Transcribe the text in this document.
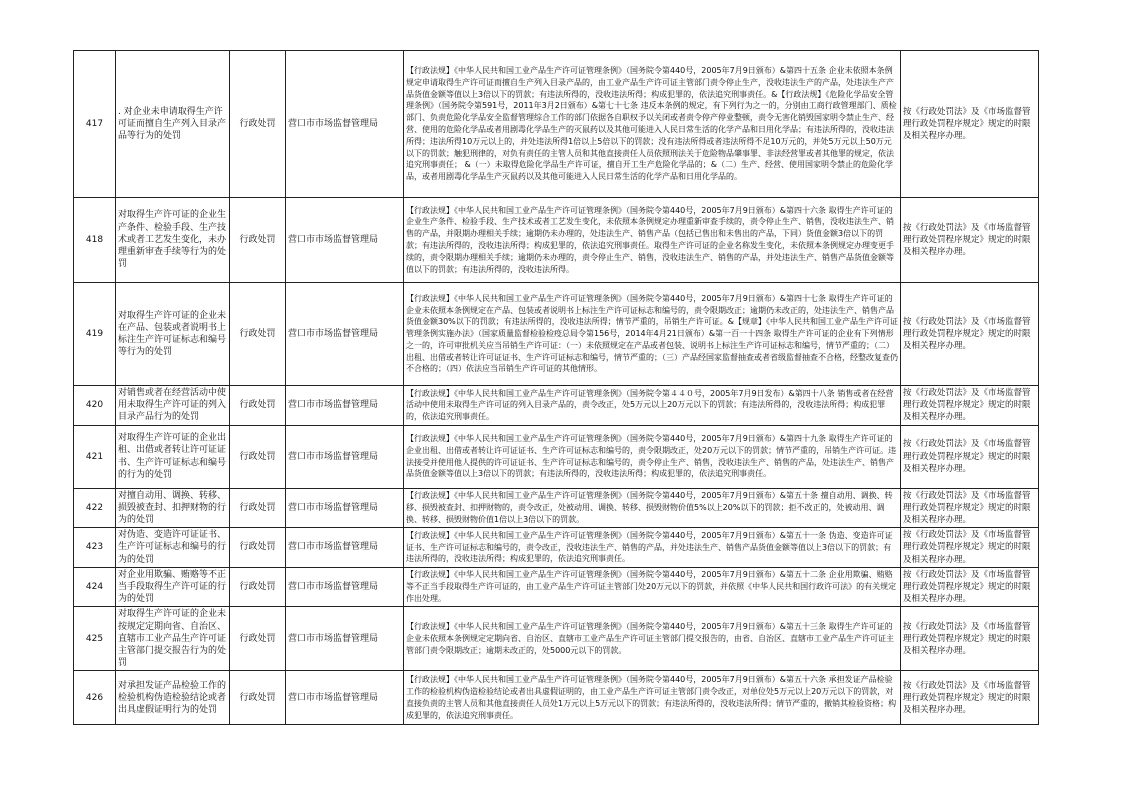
417	. 对企业未申请取得生产许可证而擅自生产列入目录产品等行为的处罚	行政处罚	营口市市场监督管理局	【行政法规】《中华人民共和国工业产品生产许可证管理条例》（国务院令第440号，2005年7月9日颁布）&第四十五条 企业未依照本条例规定申请取得生产许可证而擅自生产列入目录产品的，由工业产品生产许可证主管部门责令停止生产，没收违法生产的产品，处违法生产产品货值金额等值以上3倍以下的罚款；有违法所得的，没收违法所得；构成犯罪的，依法追究刑事责任。&【行政法规】《危险化学品安全管理条例》（国务院令第591号，2011年3月2日颁布）&第七十七条 违反本条例的规定，有下列行为之一的，分别由工商行政管理部门、质检部门、负责危险化学品安全监督管理综合工作的部门依据各自职权予以关闭或者责令停产停业整顿，责令无害化销毁国家明令禁止生产、经营、使用的危险化学品或者用剧毒化学品生产的灭鼠药以及其他可能进入人民日常生活的化学产品和日用化学品；有违法所得的，没收违法所得；违法所得10万元以上的，并处违法所得1倍以上5倍以下的罚款；没有违法所得或者违法所得不足10万元的，并处5万元以上50万元以下的罚款；触犯刑律的，对负有责任的主管人员和其他直接责任人员依照刑法关于危险物品肇事罪、非法经营罪或者其他罪的规定，依法追究刑事责任； &（一）未取得危险化学品生产许可证，擅自开工生产危险化学品的；&（二）生产、经营、使用国家明令禁止的危险化学品，或者用剧毒化学品生产灭鼠药以及其他可能进入人民日常生活的化学产品和日用化学品的。	按《行政处罚法》及《市场监督管理行政处罚程序规定》规定的时限及相关程序办理。
418	对取得生产许可证的企业生产条件、检验手段、生产技术或者工艺发生变化，未办理重新审查手续等行为的处罚	行政处罚	营口市市场监督管理局	【行政法规】《中华人民共和国工业产品生产许可证管理条例》（国务院令第440号，2005年7月9日颁布）&第四十六条 取得生产许可证的企业生产条件、检验手段、生产技术或者工艺发生变化，未依照本条例规定办理重新审查手续的，责令停止生产、销售，没收违法生产、销售的产品，并限期办理相关手续；逾期仍未办理的，处违法生产、销售产品（包括已售出和未售出的产品，下同）货值金额3倍以下的罚款；有违法所得的，没收违法所得；构成犯罪的，依法追究刑事责任。取得生产许可证的企业名称发生变化，未依照本条例规定办理变更手续的，责令限期办理相关手续；逾期仍未办理的，责令停止生产、销售，没收违法生产、销售的产品，并处违法生产、销售产品货值金额等值以下的罚款；有违法所得的，没收违法所得。	按《行政处罚法》及《市场监督管理行政处罚程序规定》规定的时限及相关程序办理。
419	对取得生产许可证的企业未在产品、包装或者说明书上标注生产许可证标志和编号等行为的处罚	行政处罚	营口市市场监督管理局	【行政法规】《中华人民共和国工业产品生产许可证管理条例》（国务院令第440号，2005年7月9日颁布）&第四十七条 取得生产许可证的企业未依照本条例规定在产品、包装或者说明书上标注生产许可证标志和编号的，责令限期改正；逾期仍未改正的，处违法生产、销售产品货值金额30%以下的罚款；有违法所得的，没收违法所得；情节严重的，吊销生产许可证。&【规章】《中华人民共和国工业产品生产许可证管理条例实施办法》（国家质量监督检验检疫总局令第156号，2014年4月21日颁布）&第一百一十四条 取得生产许可证的企业有下列情形之一的，许可审批机关应当吊销生产许可证：（一）未依照规定在产品或者包装、说明书上标注生产许可证标志和编号，情节严重的；（二）出租、出借或者转让许可证证书、生产许可证标志和编号，情节严重的；（三）产品经国家监督抽查或者省级监督抽查不合格，经整改复查仍不合格的；（四）依法应当吊销生产许可证的其他情形。	按《行政处罚法》及《市场监督管理行政处罚程序规定》规定的时限及相关程序办理。
420	对销售或者在经营活动中使用未取得生产许可证的列入目录产品行为的处罚	行政处罚	营口市市场监督管理局	【行政法规】《中华人民共和国工业产品生产许可证管理条例》（国务院令第４４０号，2005年7月9日发布）&第四十八条 销售或者在经营活动中使用未取得生产许可证的列入目录产品的，责令改正，处5万元以上20万元以下的罚款；有违法所得的，没收违法所得；构成犯罪的，依法追究刑事责任。	按《行政处罚法》及《市场监督管理行政处罚程序规定》规定的时限及相关程序办理。
421	对取得生产许可证的企业出租、出借或者转让许可证证书、生产许可证标志和编号的行为的处罚	行政处罚	营口市市场监督管理局	【行政法规】《中华人民共和国工业产品生产许可证管理条例》（国务院令第440号，2005年7月9日颁布）&第四十九条 取得生产许可证的企业出租、出借或者转让许可证证书、生产许可证标志和编号的，责令限期改正，处20万元以下的罚款；情节严重的，吊销生产许可证。违法接受并使用他人提供的许可证证书、生产许可证标志和编号的，责令停止生产、销售，没收违法生产、销售的产品，处违法生产、销售产品货值金额等值以上3倍以下的罚款；有违法所得的，没收违法所得；构成犯罪的，依法追究刑事责任。	按《行政处罚法》及《市场监督管理行政处罚程序规定》规定的时限及相关程序办理。
422	对擅自动用、调换、转移、损毁被查封、扣押财物的行为的处罚	行政处罚	营口市市场监督管理局	【行政法规】《中华人民共和国工业产品生产许可证管理条例》（国务院令第440号，2005年7月9日颁布）&第五十条 擅自动用、调换、转移、损毁被查封、扣押财物的，责令改正，处被动用、调换、转移、损毁财物价值5%以上20%以下的罚款；拒不改正的，处被动用、调换、转移、损毁财物价值1倍以上3倍以下的罚款。	按《行政处罚法》及《市场监督管理行政处罚程序规定》规定的时限及相关程序办理。
423	对伪造、变造许可证证书、生产许可证标志和编号的行为的处罚	行政处罚	营口市市场监督管理局	【行政法规】《中华人民共和国工业产品生产许可证管理条例》（国务院令第440号，2005年7月9日颁布）&第五十一条 伪造、变造许可证证书、生产许可证标志和编号的，责令改正，没收违法生产、销售的产品，并处违法生产、销售产品货值金额等值以上3倍以下的罚款；有违法所得的，没收违法所得；构成犯罪的，依法追究刑事责任。	按《行政处罚法》及《市场监督管理行政处罚程序规定》规定的时限及相关程序办理。
424	对企业用欺骗、贿赂等不正当手段取得生产许可证的行为的处罚	行政处罚	营口市市场监督管理局	【行政法规】《中华人民共和国工业产品生产许可证管理条例》（国务院令第440号，2005年7月9日颁布）&第五十二条 企业用欺骗、贿赂等不正当手段取得生产许可证的，由工业产品生产许可证主管部门处20万元以下的罚款，并依照《中华人民共和国行政许可法》的有关规定作出处理。	按《行政处罚法》及《市场监督管理行政处罚程序规定》规定的时限及相关程序办理。
425	对取得生产许可证的企业未按规定定期向省、自治区、直辖市工业产品生产许可证主管部门提交报告行为的处罚	行政处罚	营口市市场监督管理局	【行政法规】《中华人民共和国工业产品生产许可证管理条例》（国务院令第440号，2005年7月9日颁布）&第五十三条 取得生产许可证的企业未依照本条例规定定期向省、自治区、直辖市工业产品生产许可证主管部门提交报告的，由省、自治区、直辖市工业产品生产许可证主管部门责令限期改正；逾期未改正的，处5000元以下的罚款。	按《行政处罚法》及《市场监督管理行政处罚程序规定》规定的时限及相关程序办理。
426	对承担发证产品检验工作的检验机构伪造检验结论或者出具虚假证明行为的处罚	行政处罚	营口市市场监督管理局	【行政法规】《中华人民共和国工业产品生产许可证管理条例》（国务院令第440号，2005年7月9日颁布）&第五十六条 承担发证产品检验工作的检验机构伪造检验结论或者出具虚假证明的，由工业产品生产许可证主管部门责令改正，对单位处5万元以上20万元以下的罚款，对直接负责的主管人员和其他直接责任人员处1万元以上5万元以下的罚款；有违法所得的，没收违法所得；情节严重的，撤销其检验资格；构成犯罪的，依法追究刑事责任。	按《行政处罚法》及《市场监督管理行政处罚程序规定》规定的时限及相关程序办理。
